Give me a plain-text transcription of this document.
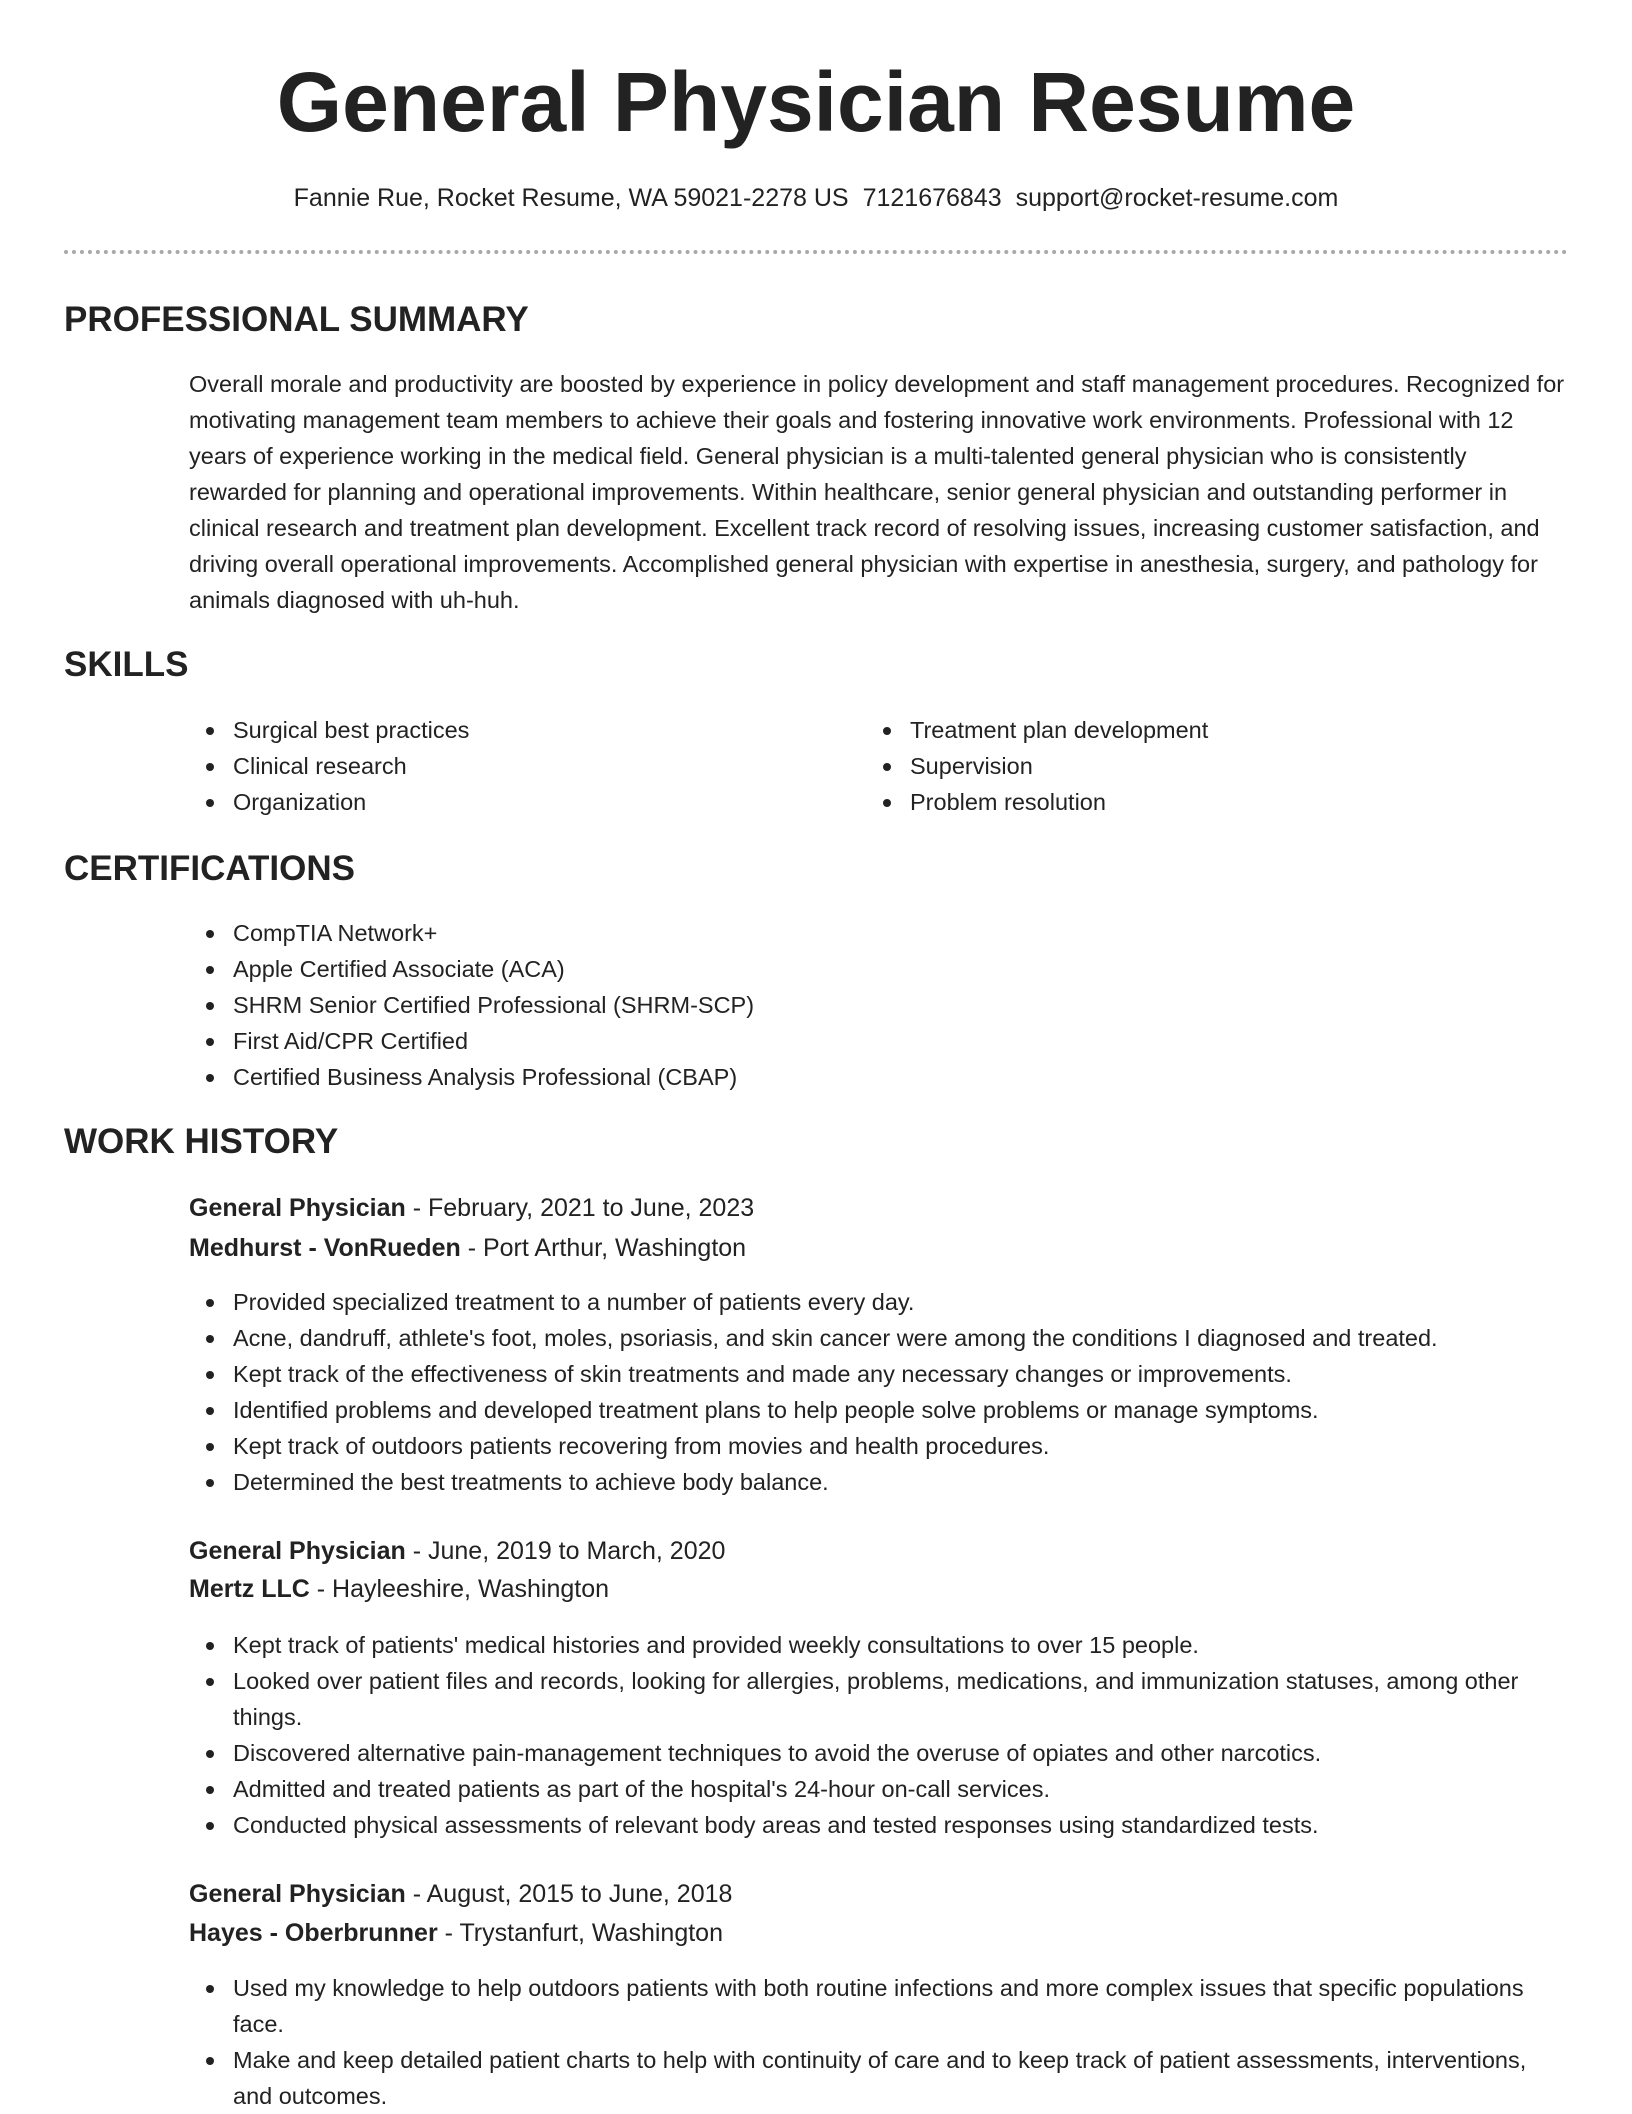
General Physician Resume
Fannie Rue, Rocket Resume, WA 59021-2278 US 7121676843 support@rocket-resume.com
PROFESSIONAL SUMMARY

Overall morale and productivity are boosted by experience in policy development and staff management procedures. Recognized for motivating management team members to achieve their goals and fostering innovative work environments. Professional with 12 years of experience working in the medical field. General physician is a multi-talented general physician who is consistently rewarded for planning and operational improvements. Within healthcare, senior general physician and outstanding performer in clinical research and treatment plan development. Excellent track record of resolving issues, increasing customer satisfaction, and driving overall operational improvements. Accomplished general physician with expertise in anesthesia, surgery, and pathology for animals diagnosed with uh-huh.

SKILLS
Surgical best practices
Clinical research
Organization
Treatment plan development
Supervision
Problem resolution
CERTIFICATIONS
CompTIA Network+
Apple Certified Associate (ACA)
SHRM Senior Certified Professional (SHRM-SCP)
First Aid/CPR Certified
Certified Business Analysis Professional (CBAP)
WORK HISTORY
General Physician - February, 2021 to June, 2023
Medhurst - VonRueden - Port Arthur, Washington
Provided specialized treatment to a number of patients every day.
Acne, dandruff, athlete's foot, moles, psoriasis, and skin cancer were among the conditions I diagnosed and treated.
Kept track of the effectiveness of skin treatments and made any necessary changes or improvements.
Identified problems and developed treatment plans to help people solve problems or manage symptoms.
Kept track of outdoors patients recovering from movies and health procedures.
Determined the best treatments to achieve body balance.
General Physician - June, 2019 to March, 2020
Mertz LLC - Hayleeshire, Washington
Kept track of patients' medical histories and provided weekly consultations to over 15 people.
Looked over patient files and records, looking for allergies, problems, medications, and immunization statuses, among other things.
Discovered alternative pain-management techniques to avoid the overuse of opiates and other narcotics.
Admitted and treated patients as part of the hospital's 24-hour on-call services.
Conducted physical assessments of relevant body areas and tested responses using standardized tests.
General Physician - August, 2015 to June, 2018
Hayes - Oberbrunner - Trystanfurt, Washington
Used my knowledge to help outdoors patients with both routine infections and more complex issues that specific populations face.
Make and keep detailed patient charts to help with continuity of care and to keep track of patient assessments, interventions, and outcomes.
